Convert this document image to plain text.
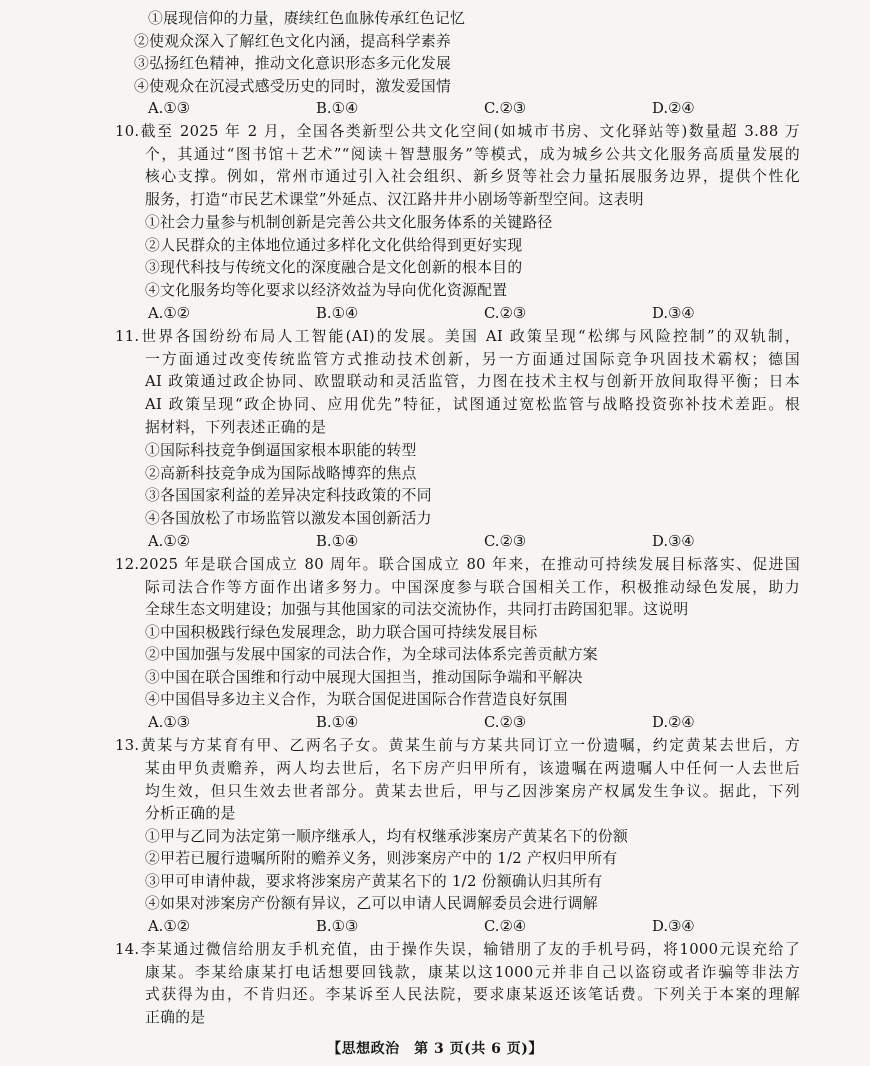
①展现信仰的力量，赓续红色血脉传承红色记忆
②使观众深入了解红色文化内涵，提高科学素养
③弘扬红色精神，推动文化意识形态多元化发展
④使观众在沉浸式感受历史的同时，激发爱国情
10.截至 2025 年 2 月，全国各类新型公共文化空间(如城市书房、文化驿站等)数量超 3.88 万
个，其通过“图书馆＋艺术”“阅读＋智慧服务”等模式，成为城乡公共文化服务高质量发展的
核心支撑。例如，常州市通过引入社会组织、新乡贤等社会力量拓展服务边界，提供个性化
服务，打造“市民艺术课堂”外延点、汉江路井井小剧场等新型空间。这表明
①社会力量参与机制创新是完善公共文化服务体系的关键路径
②人民群众的主体地位通过多样化文化供给得到更好实现
③现代科技与传统文化的深度融合是文化创新的根本目的
④文化服务均等化要求以经济效益为导向优化资源配置
11.世界各国纷纷布局人工智能(AI)的发展。美国 AI 政策呈现“松绑与风险控制”的双轨制，
一方面通过改变传统监管方式推动技术创新，另一方面通过国际竞争巩固技术霸权；德国
AI 政策通过政企协同、欧盟联动和灵活监管，力图在技术主权与创新开放间取得平衡；日本
AI 政策呈现“政企协同、应用优先”特征，试图通过宽松监管与战略投资弥补技术差距。根
据材料，下列表述正确的是
①国际科技竞争倒逼国家根本职能的转型
②高新科技竞争成为国际战略博弈的焦点
③各国国家利益的差异决定科技政策的不同
④各国放松了市场监管以激发本国创新活力
12.2025 年是联合国成立 80 周年。联合国成立 80 年来，在推动可持续发展目标落实、促进国
际司法合作等方面作出诸多努力。中国深度参与联合国相关工作，积极推动绿色发展，助力
全球生态文明建设；加强与其他国家的司法交流协作，共同打击跨国犯罪。这说明
①中国积极践行绿色发展理念，助力联合国可持续发展目标
②中国加强与发展中国家的司法合作，为全球司法体系完善贡献方案
③中国在联合国维和行动中展现大国担当，推动国际争端和平解决
④中国倡导多边主义合作，为联合国促进国际合作营造良好氛围
13.黄某与方某育有甲、乙两名子女。黄某生前与方某共同订立一份遗嘱，约定黄某去世后，方
某由甲负责赡养，两人均去世后，名下房产归甲所有，该遗嘱在两遗嘱人中任何一人去世后
均生效，但只生效去世者部分。黄某去世后，甲与乙因涉案房产权属发生争议。据此，下列
分析正确的是
①甲与乙同为法定第一顺序继承人，均有权继承涉案房产黄某名下的份额
②甲若已履行遗嘱所附的赡养义务，则涉案房产中的 1/2 产权归甲所有
③甲可申请仲裁，要求将涉案房产黄某名下的 1/2 份额确认归其所有
④如果对涉案房产份额有异议，乙可以申请人民调解委员会进行调解
14.李某通过微信给朋友手机充值，由于操作失误，输错朋了友的手机号码，将1000元误充给了
康某。李某给康某打电话想要回钱款，康某以这1000元并非自己以盗窃或者诈骗等非法方
式获得为由，不肯归还。李某诉至人民法院，要求康某返还该笔话费。下列关于本案的理解
正确的是
A.①③	B.①④	C.②③	D.②④
A.①②	B.①④	C.②③	D.③④
A.①②	B.①④	C.②③	D.③④
A.①③	B.①④	C.②③	D.②④
A.①②	B.①③	C.②④	D.③④
【思想政治　第 3 页(共 6 页)】
